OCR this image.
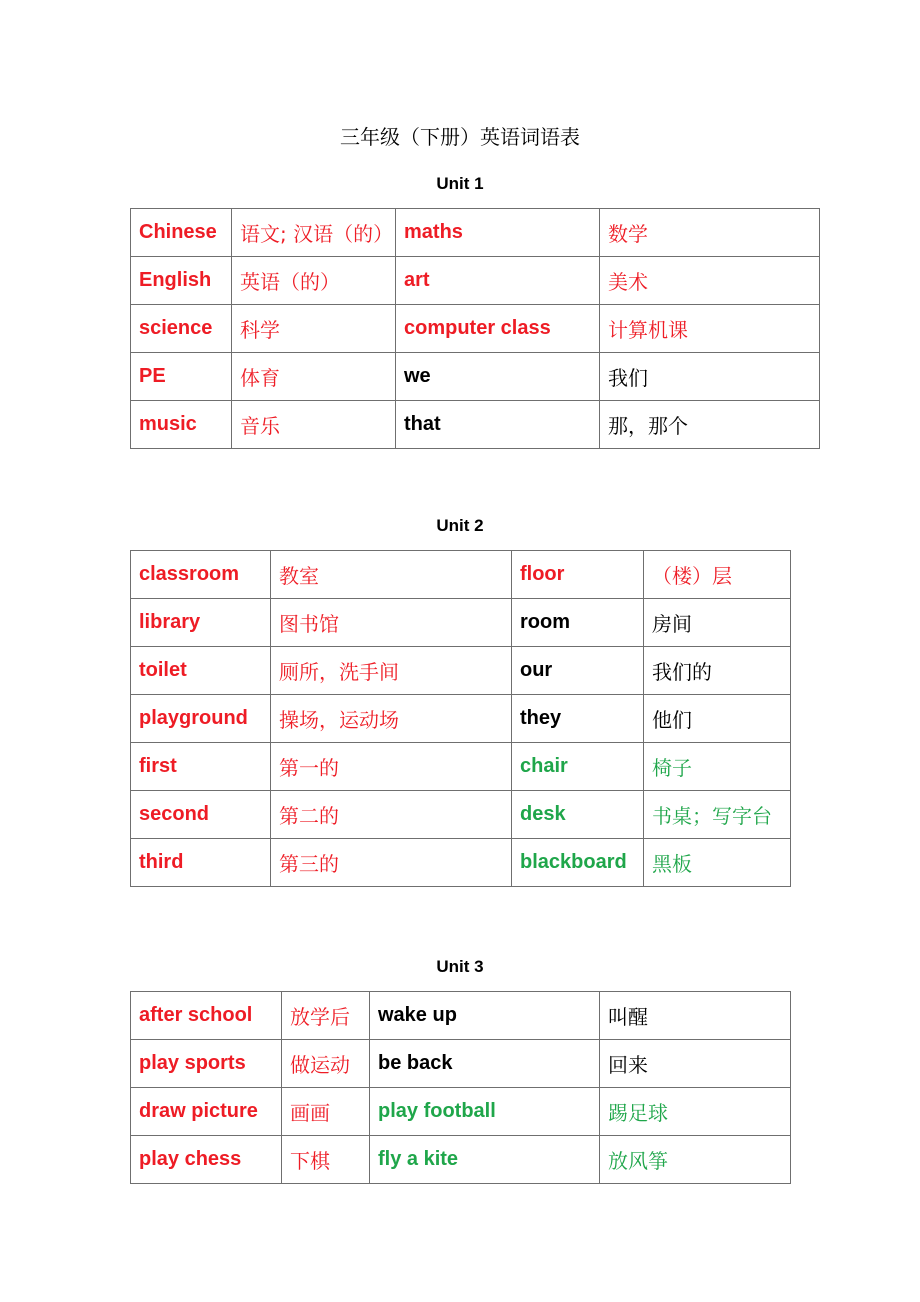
三年级（下册）英语词语表
Unit 1
Chinese	语文; 汉语（的）	maths	数学
English	英语（的）	art	美术
science	科学	computer class	计算机课
PE	体育	we	我们
music	音乐	that	那，那个
Unit 2
classroom	教室	floor	（楼）层
library	图书馆	room	房间
toilet	厕所，洗手间	our	我们的
playground	操场，运动场	they	他们
first	第一的	chair	椅子
second	第二的	desk	书桌；写字台
third	第三的	blackboard	黑板
Unit 3
after school	放学后	wake up	叫醒
play sports	做运动	be back	回来
draw picture	画画	play football	踢足球
play chess	下棋	fly a kite	放风筝
